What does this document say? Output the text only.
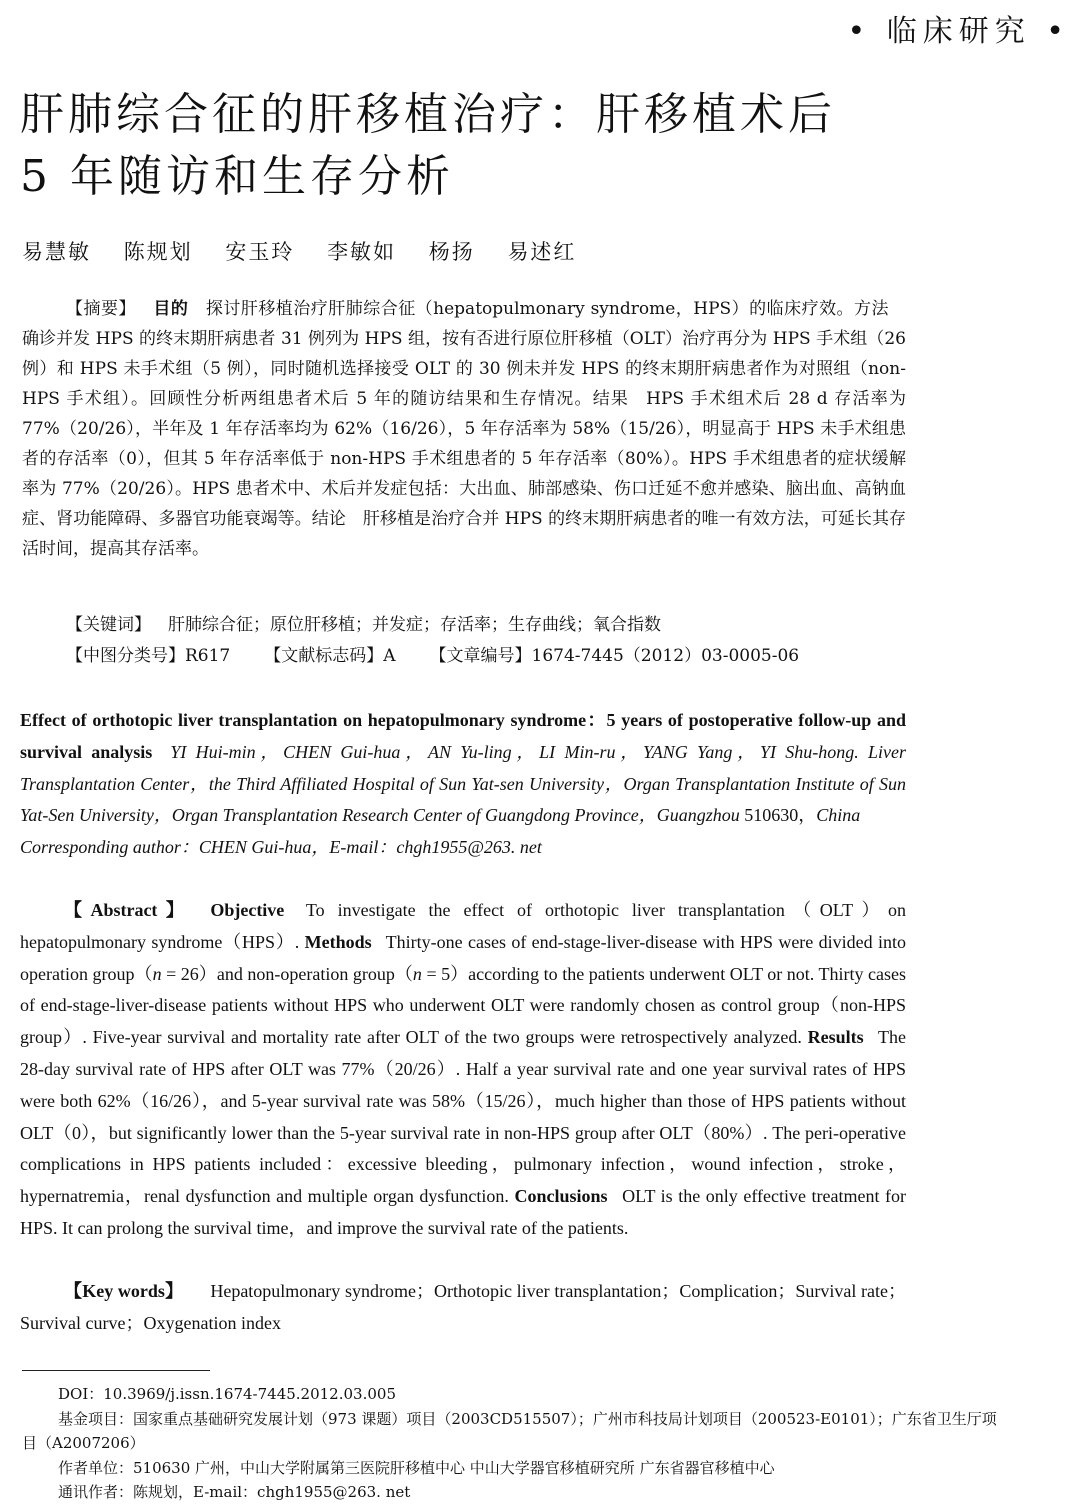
• 临床研究 •
肝肺综合征的肝移植治疗：肝移植术后
5 年随访和生存分析
易慧敏 陈规划 安玉玲 李敏如 杨扬 易述红
【摘要】  目的  探讨肝移植治疗肝肺综合征（hepatopulmonary syndrome，HPS）的临床疗效。方法 确诊并发 HPS 的终末期肝病患者 31 例列为 HPS 组，按有否进行原位肝移植（OLT）治疗再分为 HPS 手术组（26 例）和 HPS 未手术组（5 例），同时随机选择接受 OLT 的 30 例未并发 HPS 的终末期肝病患者作为对照组（non-HPS 手术组）。回顾性分析两组患者术后 5 年的随访结果和生存情况。结果  HPS 手术组术后 28 d 存活率为 77%（20/26），半年及 1 年存活率均为 62%（16/26），5 年存活率为 58%（15/26），明显高于 HPS 未手术组患者的存活率（0），但其 5 年存活率低于 non-HPS 手术组患者的 5 年存活率（80%）。HPS 手术组患者的症状缓解率为 77%（20/26）。HPS 患者术中、术后并发症包括：大出血、肺部感染、伤口迁延不愈并感染、脑出血、高钠血症、肾功能障碍、多器官功能衰竭等。结论  肝移植是治疗合并 HPS 的终末期肝病患者的唯一有效方法，可延长其存活时间，提高其存活率。
【关键词】  肝肺综合征；原位肝移植；并发症；存活率；生存曲线；氧合指数
【中图分类号】R617   【文献标志码】A   【文章编号】1674-7445（2012）03-0005-06
Effect of orthotopic liver transplantation on hepatopulmonary syndrome：5 years of postoperative follow-up and survival analysis   YI Hui-min，CHEN Gui-hua，AN Yu-ling，LI Min-ru，YANG Yang，YI Shu-hong. Liver Transplantation Center，the Third Affiliated Hospital of Sun Yat-sen University，Organ Transplantation Institute of Sun Yat-Sen University，Organ Transplantation Research Center of Guangdong Province，Guangzhou 510630，China
Corresponding author：CHEN Gui-hua，E-mail：chgh1955@263. net
【Abstract】   Objective  To investigate the effect of orthotopic liver transplantation（OLT）on hepatopulmonary syndrome（HPS）. Methods  Thirty-one cases of end-stage-liver-disease with HPS were divided into operation group（n = 26）and non-operation group（n = 5）according to the patients underwent OLT or not. Thirty cases of end-stage-liver-disease patients without HPS who underwent OLT were randomly chosen as control group（non-HPS group）. Five-year survival and mortality rate after OLT of the two groups were retrospectively analyzed. Results  The 28-day survival rate of HPS after OLT was 77%（20/26）. Half a year survival rate and one year survival rates of HPS were both 62%（16/26），and 5-year survival rate was 58%（15/26），much higher than those of HPS patients without OLT（0），but significantly lower than the 5-year survival rate in non-HPS group after OLT（80%）. The peri-operative complications in HPS patients included：excessive bleeding，pulmonary infection，wound infection，stroke，hypernatremia，renal dysfunction and multiple organ dysfunction. Conclusions  OLT is the only effective treatment for HPS. It can prolong the survival time，and improve the survival rate of the patients.
【Key words】   Hepatopulmonary syndrome；Orthotopic liver transplantation；Complication；Survival rate；Survival curve；Oxygenation index
DOI：10.3969/j.issn.1674-7445.2012.03.005
基金项目：国家重点基础研究发展计划（973 课题）项目（2003CD515507）；广州市科技局计划项目（200523-E0101）；广东省卫生厅项目（A2007206）
作者单位：510630 广州，中山大学附属第三医院肝移植中心 中山大学器官移植研究所 广东省器官移植中心
通讯作者：陈规划，E-mail：chgh1955@263. net
